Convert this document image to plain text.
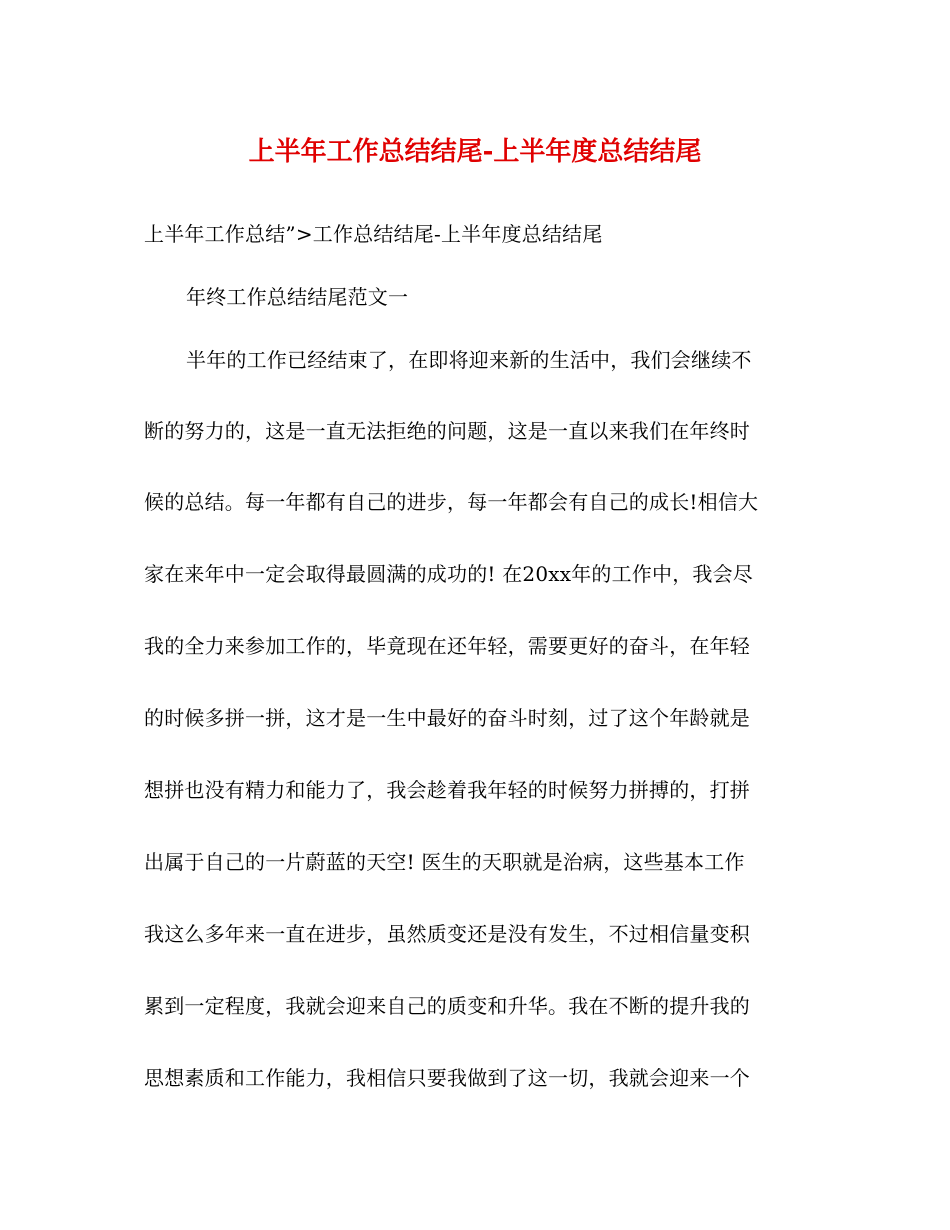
上半年工作总结结尾-上半年度总结结尾
上半年工作总结”>工作总结结尾-上半年度总结结尾
年终工作总结结尾范文一
半年的工作已经结束了，在即将迎来新的生活中，我们会继续不
断的努力的，这是一直无法拒绝的问题，这是一直以来我们在年终时
候的总结。每一年都有自己的进步，每一年都会有自己的成长!相信大
家在来年中一定会取得最圆满的成功的! 在20xx年的工作中，我会尽
我的全力来参加工作的，毕竟现在还年轻，需要更好的奋斗，在年轻
的时候多拼一拼，这才是一生中最好的奋斗时刻，过了这个年龄就是
想拼也没有精力和能力了，我会趁着我年轻的时候努力拼搏的，打拼
出属于自己的一片蔚蓝的天空! 医生的天职就是治病，这些基本工作
我这么多年来一直在进步，虽然质变还是没有发生，不过相信量变积
累到一定程度，我就会迎来自己的质变和升华。我在不断的提升我的
思想素质和工作能力，我相信只要我做到了这一切，我就会迎来一个
